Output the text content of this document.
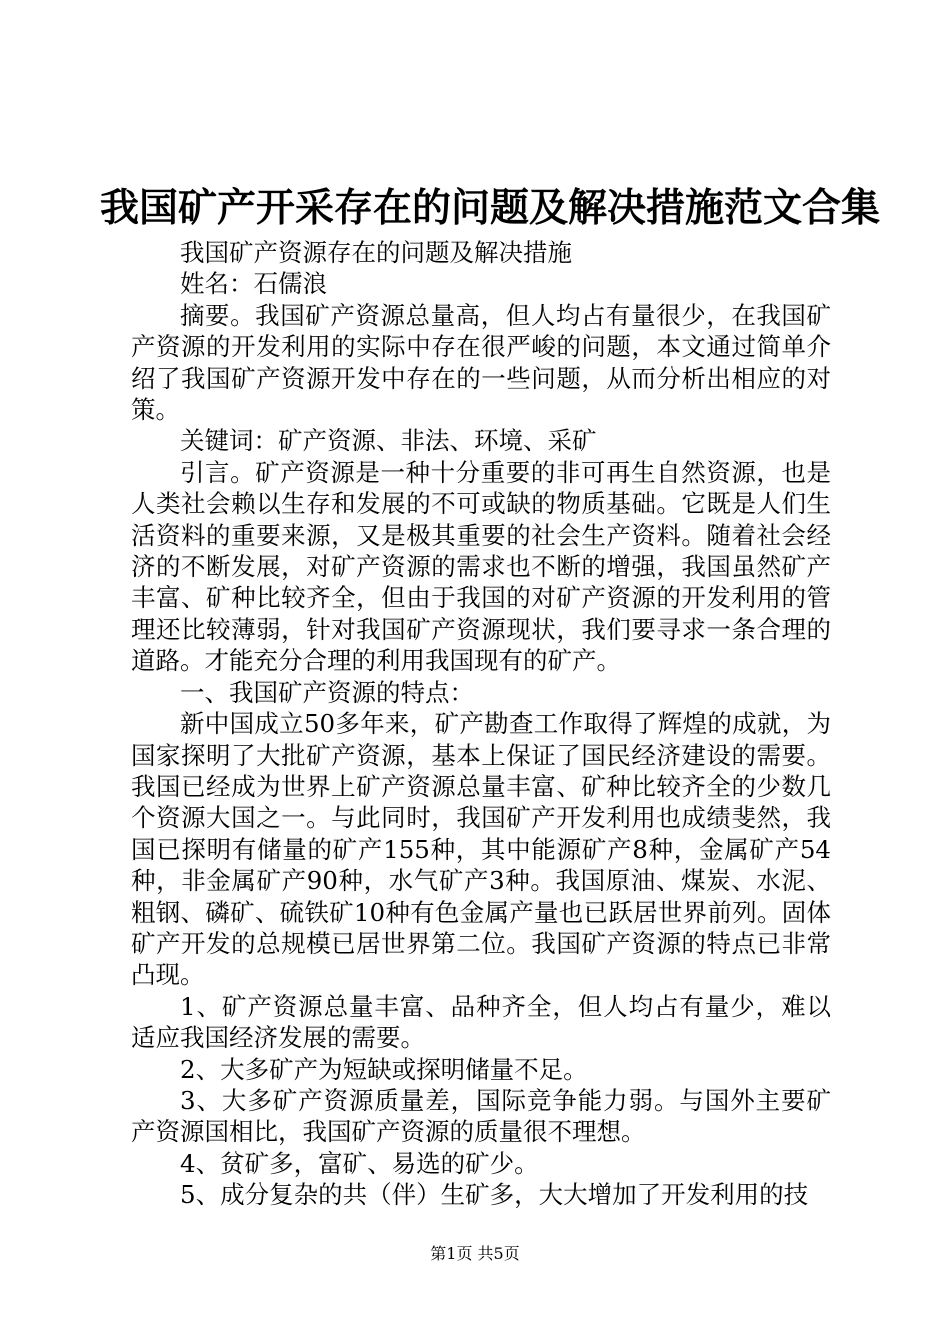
我国矿产开采存在的问题及解决措施范文合集

我国矿产资源存在的问题及解决措施

姓名：石儒浪

摘要。我国矿产资源总量高，但人均占有量很少，在我国矿产资源的开发利用的实际中存在很严峻的问题，本文通过简单介绍了我国矿产资源开发中存在的一些问题，从而分析出相应的对策。

关键词：矿产资源、非法、环境、采矿

引言。矿产资源是一种十分重要的非可再生自然资源，也是人类社会赖以生存和发展的不可或缺的物质基础。它既是人们生活资料的重要来源，又是极其重要的社会生产资料。随着社会经济的不断发展，对矿产资源的需求也不断的增强，我国虽然矿产丰富、矿种比较齐全，但由于我国的对矿产资源的开发利用的管理还比较薄弱，针对我国矿产资源现状，我们要寻求一条合理的道路。才能充分合理的利用我国现有的矿产。

一、我国矿产资源的特点：

新中国成立50多年来，矿产勘查工作取得了辉煌的成就，为国家探明了大批矿产资源，基本上保证了国民经济建设的需要。我国已经成为世界上矿产资源总量丰富、矿种比较齐全的少数几个资源大国之一。与此同时，我国矿产开发利用也成绩斐然，我国已探明有储量的矿产155种，其中能源矿产8种，金属矿产54种，非金属矿产90种，水气矿产3种。我国原油、煤炭、水泥、粗钢、磷矿、硫铁矿10种有色金属产量也已跃居世界前列。固体矿产开发的总规模已居世界第二位。我国矿产资源的特点已非常凸现。

1、矿产资源总量丰富、品种齐全，但人均占有量少，难以适应我国经济发展的需要。

2、大多矿产为短缺或探明储量不足。

3、大多矿产资源质量差，国际竞争能力弱。与国外主要矿产资源国相比，我国矿产资源的质量很不理想。

4、贫矿多，富矿、易选的矿少。

5、成分复杂的共（伴）生矿多，大大增加了开发利用的技

第1页 共5页
